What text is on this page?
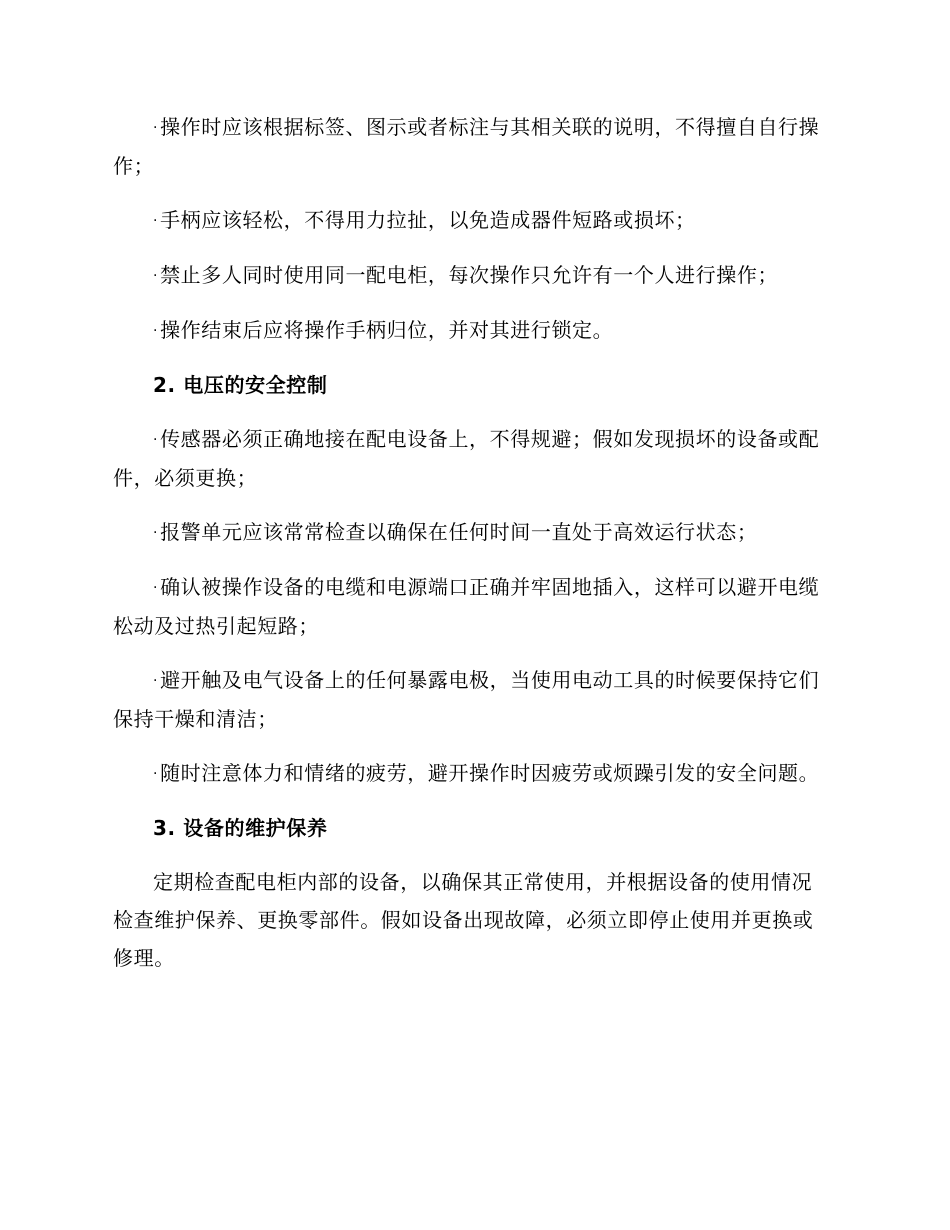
· 操作时应该根据标签、图示或者标注与其相关联的说明，不得擅自自行操作；

· 手柄应该轻松，不得用力拉扯，以免造成器件短路或损坏；

· 禁止多人同时使用同一配电柜，每次操作只允许有一个人进行操作；

· 操作结束后应将操作手柄归位，并对其进行锁定。

2. 电压的安全控制

· 传感器必须正确地接在配电设备上，不得规避；假如发现损坏的设备或配件，必须更换；

· 报警单元应该常常检查以确保在任何时间一直处于高效运行状态；

· 确认被操作设备的电缆和电源端口正确并牢固地插入，这样可以避开电缆松动及过热引起短路；

· 避开触及电气设备上的任何暴露电极，当使用电动工具的时候要保持它们保持干燥和清洁；

· 随时注意体力和情绪的疲劳，避开操作时因疲劳或烦躁引发的安全问题。

3. 设备的维护保养

定期检查配电柜内部的设备，以确保其正常使用，并根据设备的使用情况检查维护保养、更换零部件。假如设备出现故障，必须立即停止使用并更换或修理。
